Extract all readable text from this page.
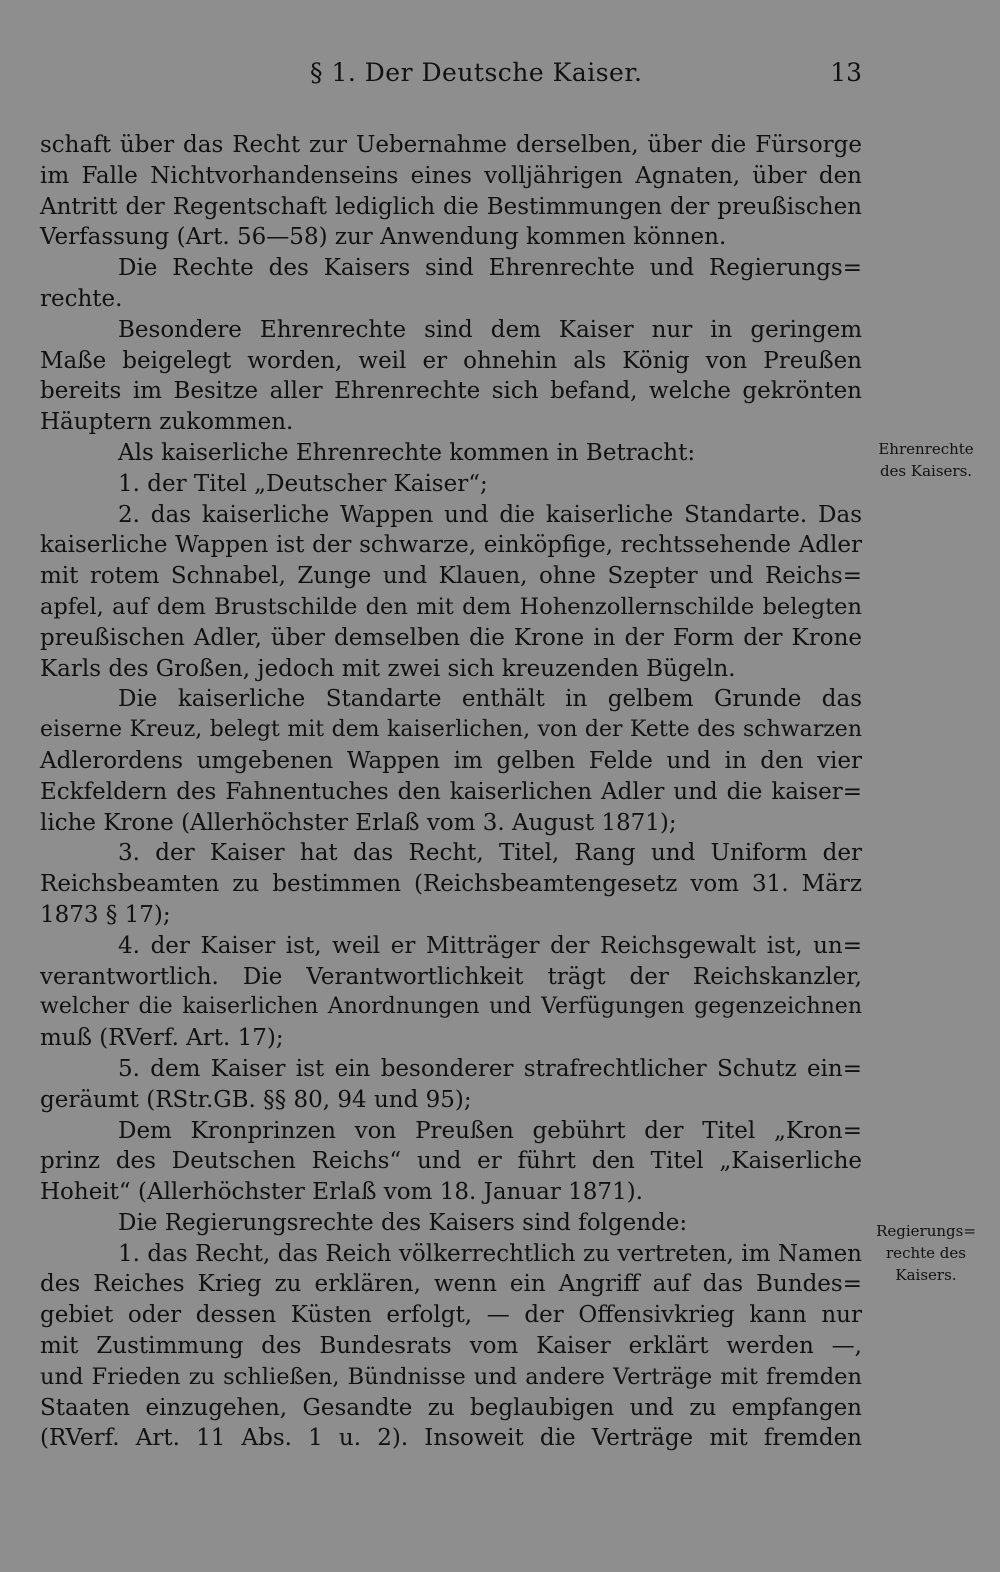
§ 1. Der Deutsche Kaiser.	13
schaft über das Recht zur Uebernahme derselben, über die Fürsorge
im Falle Nichtvorhandenseins eines volljährigen Agnaten, über den
Antritt der Regentschaft lediglich die Bestimmungen der preußischen
Verfassung (Art. 56—58) zur Anwendung kommen können.
Die Rechte des Kaisers sind Ehrenrechte und Regierungs=
rechte.
Besondere Ehrenrechte sind dem Kaiser nur in geringem
Maße beigelegt worden, weil er ohnehin als König von Preußen
bereits im Besitze aller Ehrenrechte sich befand, welche gekrönten
Häuptern zukommen.
Als kaiserliche Ehrenrechte kommen in Betracht:
1. der Titel „Deutscher Kaiser“;
2. das kaiserliche Wappen und die kaiserliche Standarte. Das
kaiserliche Wappen ist der schwarze, einköpfige, rechtssehende Adler
mit rotem Schnabel, Zunge und Klauen, ohne Szepter und Reichs=
apfel, auf dem Brustschilde den mit dem Hohenzollernschilde belegten
preußischen Adler, über demselben die Krone in der Form der Krone
Karls des Großen, jedoch mit zwei sich kreuzenden Bügeln.
Die kaiserliche Standarte enthält in gelbem Grunde das
eiserne Kreuz, belegt mit dem kaiserlichen, von der Kette des schwarzen
Adlerordens umgebenen Wappen im gelben Felde und in den vier
Eckfeldern des Fahnentuches den kaiserlichen Adler und die kaiser=
liche Krone (Allerhöchster Erlaß vom 3. August 1871);
3. der Kaiser hat das Recht, Titel, Rang und Uniform der
Reichsbeamten zu bestimmen (Reichsbeamtengesetz vom 31. März
1873 § 17);
4. der Kaiser ist, weil er Mitträger der Reichsgewalt ist, un=
verantwortlich. Die Verantwortlichkeit trägt der Reichskanzler,
welcher die kaiserlichen Anordnungen und Verfügungen gegenzeichnen
muß (RVerf. Art. 17);
5. dem Kaiser ist ein besonderer strafrechtlicher Schutz ein=
geräumt (RStr.GB. §§ 80, 94 und 95);
Dem Kronprinzen von Preußen gebührt der Titel „Kron=
prinz des Deutschen Reichs“ und er führt den Titel „Kaiserliche
Hoheit“ (Allerhöchster Erlaß vom 18. Januar 1871).
Die Regierungsrechte des Kaisers sind folgende:
1. das Recht, das Reich völkerrechtlich zu vertreten, im Namen
des Reiches Krieg zu erklären, wenn ein Angriff auf das Bundes=
gebiet oder dessen Küsten erfolgt, — der Offensivkrieg kann nur
mit Zustimmung des Bundesrats vom Kaiser erklärt werden —,
und Frieden zu schließen, Bündnisse und andere Verträge mit fremden
Staaten einzugehen, Gesandte zu beglaubigen und zu empfangen
(RVerf. Art. 11 Abs. 1 u. 2). Insoweit die Verträge mit fremden
Ehrenrechte
des Kaisers.
Regierungs=
rechte des
Kaisers.
